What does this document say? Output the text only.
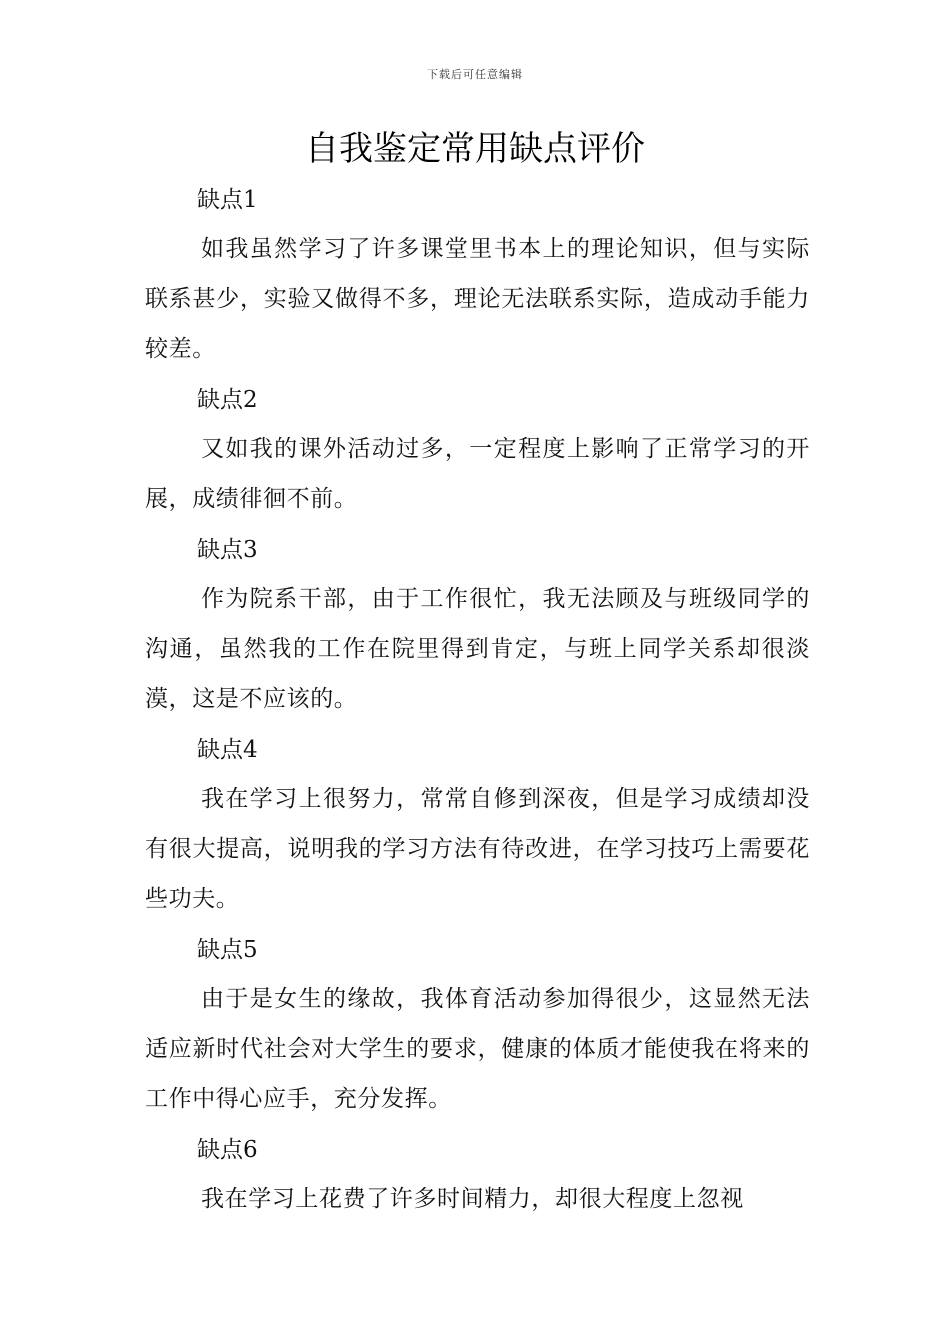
下载后可任意编辑
自我鉴定常用缺点评价

缺点1

如我虽然学习了许多课堂里书本上的理论知识，但与实际联系甚少，实验又做得不多，理论无法联系实际，造成动手能力较差。

缺点2

又如我的课外活动过多，一定程度上影响了正常学习的开展，成绩徘徊不前。

缺点3

作为院系干部，由于工作很忙，我无法顾及与班级同学的沟通，虽然我的工作在院里得到肯定，与班上同学关系却很淡漠，这是不应该的。

缺点4

我在学习上很努力，常常自修到深夜，但是学习成绩却没有很大提高，说明我的学习方法有待改进，在学习技巧上需要花些功夫。

缺点5

由于是女生的缘故，我体育活动参加得很少，这显然无法适应新时代社会对大学生的要求，健康的体质才能使我在将来的工作中得心应手，充分发挥。

缺点6

我在学习上花费了许多时间精力，却很大程度上忽视
